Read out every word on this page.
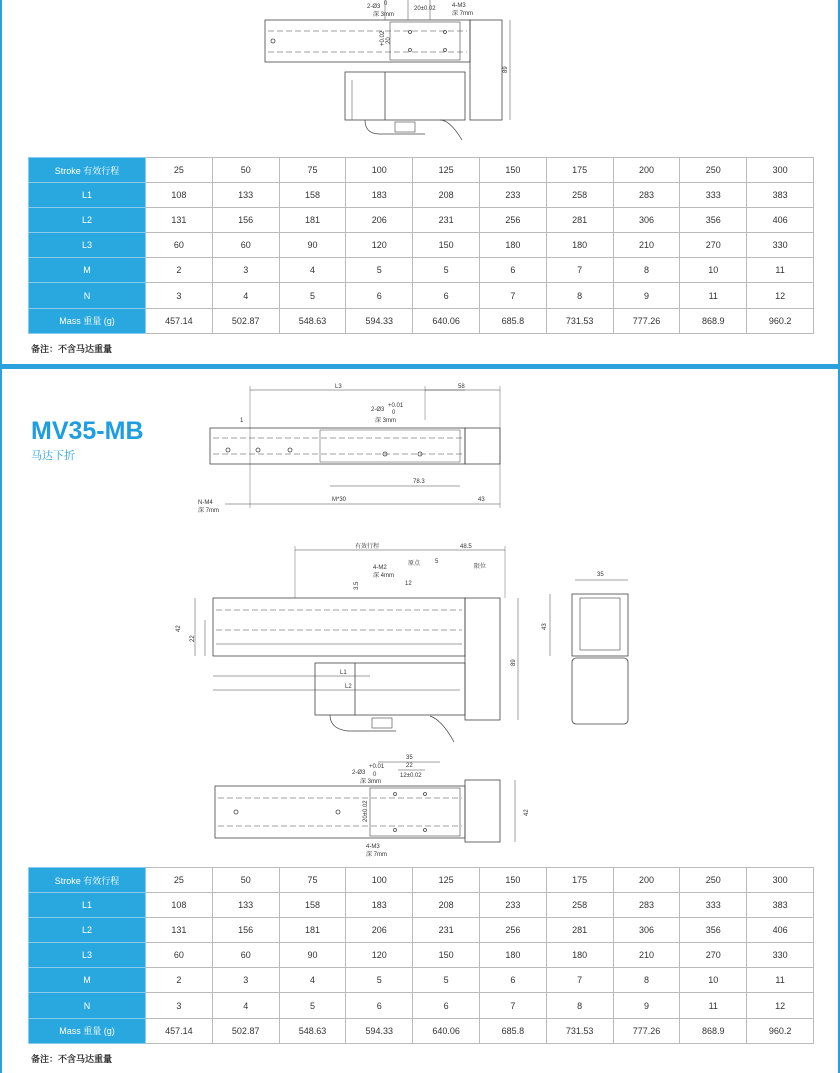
2-Ø3 0
深 3mm
20±0.02	4-M3
深 7mm
+0.02 20
89
Stroke 有效行程	25	50	75	100	125	150	175	200	250	300
L1	108	133	158	183	208	233	258	283	333	383
L2	131	156	181	206	231	256	281	306	356	406
L3	60	60	90	120	150	180	180	210	270	330
M	2	3	4	5	5	6	7	8	10	11
N	3	4	5	6	6	7	8	9	11	12
Mass 重量 (g)	457.14	502.87	548.63	594.33	640.06	685.8	731.53	777.26	868.9	960.2
备注：不含马达重量
MV35-MB
马达下折
L3	58
1
2-Ø3
+0.01
0
深 3mm
78.3
N-M4
深 7mm
M*30	43
有效行程	48.5
5
4-M2
深 4mm
原点	限位
12
3.5
42
22
89
L1
L2
35
43
35
22
2-Ø3
+0.01
0	12±0.02
深 3mm
20±0.02	42
4-M3
深 7mm
Stroke 有效行程	25	50	75	100	125	150	175	200	250	300
L1	108	133	158	183	208	233	258	283	333	383
L2	131	156	181	206	231	256	281	306	356	406
L3	60	60	90	120	150	180	180	210	270	330
M	2	3	4	5	5	6	7	8	10	11
N	3	4	5	6	6	7	8	9	11	12
Mass 重量 (g)	457.14	502.87	548.63	594.33	640.06	685.8	731.53	777.26	868.9	960.2
备注：不含马达重量
